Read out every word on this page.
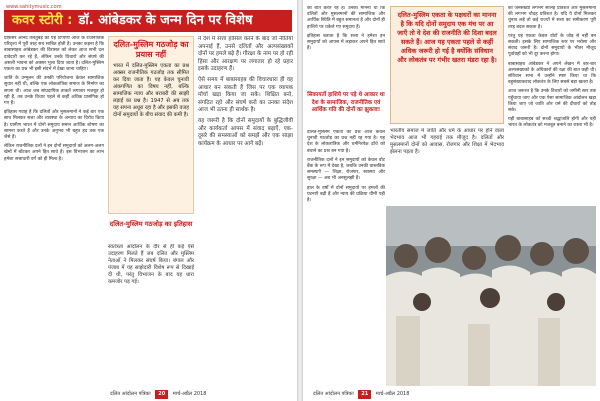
www.sahitymusic.com
कवर स्टोरी : डॉ. आंबेडकर के जन्म दिन पर विशेष

प्रोफ़ेसर आनंद तेलतुंबड़े की यह टिप्पणी आज के राजनीतिक परिदृश्य में पूरी तरह सच साबित होती है। उनका कहना है कि बाबासाहब आंबेडकर की विरासत को लेकर आज सभी दल दावेदारी कर रहे हैं, लेकिन उनके विचारों और संघर्ष की असली भावना को अक्सर भुला दिया जाता है। दलित-मुस्लिम एकता का प्रश्न भी इसी संदर्भ में देखा जाना चाहिए।

जाति के उन्मूलन की उनकी परियोजना केवल सामाजिक सुधार नहीं थी, बल्कि एक लोकतांत्रिक समाज के निर्माण का सपना थी। आज जब सांप्रदायिक ताकतें लगातार मजबूत हो रही हैं, तब उनके विचार पहले से कहीं अधिक प्रासंगिक हो गए हैं।

इतिहास गवाह है कि दलितों और मुसलमानों ने कई बार एक साथ मिलकर सत्ता और व्यवस्था के अन्याय का विरोध किया है। ग्रामीण भारत में दोनों समुदाय समान आर्थिक शोषण का सामना करते हैं और उनके अनुभव भी बहुत हद तक एक जैसे हैं।

लेकिन राजनीतिक दलों ने इन दोनों समुदायों को अलग-अलग खेमों में बाँटकर अपने हित साधे हैं। इस विभाजन का लाभ हमेशा सत्ताधारी वर्ग को ही मिला है।

दलित-मुस्लिम गठजोड़ का प्रयास नहीं
भारत में दलित-मुस्लिम एकता का प्रश्न अक्सर राजनीतिक गठजोड़ तक सीमित कर दिया जाता है। यह केवल चुनावी अंकगणित का विषय नहीं, बल्कि सामाजिक न्याय और बराबरी की साझी लड़ाई का प्रश्न है। 1947 से अब तक यह सपना अधूरा रहा है और इसकी वजह दोनों समुदायों के बीच संवाद की कमी है।
दलित-मुस्लिम गठजोड़ का इतिहास

स्वतंत्रता आंदोलन के दौर से ही कई ऐसे उदाहरण मिलते हैं जब दलित और मुस्लिम नेताओं ने मिलकर संघर्ष किया। बंगाल और पंजाब में यह साझेदारी विशेष रूप से दिखाई दी थी, परंतु विभाजन के बाद यह धारा कमजोर पड़ गई।

ने देश में सत्ता हासिल करने के बाद जो नीतियाँ अपनाई हैं, उनसे दलितों और अल्पसंख्यकों दोनों पर हमले बढ़े हैं। गौरक्षा के नाम पर हो रही हिंसा और आरक्षण पर लगातार हो रहे प्रहार इसके उदाहरण हैं।

ऐसे समय में बाबासाहब की विचारधारा ही वह आधार बन सकती है जिस पर एक व्यापक मोर्चा खड़ा किया जा सके। शिक्षित बनो, संगठित रहो और संघर्ष करो का उनका संदेश आज भी उतना ही सार्थक है।

यह जरूरी है कि दोनों समुदायों के बुद्धिजीवी और कार्यकर्ता आपस में संवाद बढ़ाएँ, एक-दूसरे की समस्याओं को समझें और एक साझा कार्यक्रम के आधार पर आगे बढ़ें।

दलित आंदोलन पत्रिका 20 मार्च-अप्रैल 2018

की बात करते रहे हैं। उनका मानना था कि दलितों और मुसलमानों की सामाजिक और आर्थिक स्थिति में बहुत समानता है और दोनों ही हाशिये पर धकेले गए समुदाय हैं।

इतिहास बताता है कि सत्ता ने हमेशा इन समुदायों को आपस में लड़ाकर अपने हित साधे हैं।

सिकायतों हाशिये पर पड़े थे आकार था देश के सामाजिक, राजनीतिक एवं आर्थिक गति की दोनों का झुकाव!

दलित-मुस्लिम एकता का प्रश्न आज केवल चुनावी गठजोड़ का प्रश्न नहीं रह गया है। यह देश के लोकतांत्रिक और धर्मनिरपेक्ष ढाँचे को बचाने का प्रश्न बन गया है।

राजनीतिक दलों ने इन समुदायों को केवल वोट बैंक के रूप में देखा है, जबकि उनकी वास्तविक समस्याएँ — शिक्षा, रोजगार, स्वास्थ्य और सुरक्षा — अब भी अनसुलझी हैं।

हाल के वर्षों में दोनों समुदायों पर हमलों की घटनाएँ बढ़ी हैं और न्याय की प्रक्रिया धीमी पड़ी है।

दलित-मुस्लिम एकता के पक्षधरों का मानना है कि यदि दोनों समुदाय एक मंच पर आ जाएँ तो वे देश की राजनीति की दिशा बदल सकते हैं। आज यह एकता पहले से कहीं अधिक जरूरी हो गई है क्योंकि संविधान और लोकतंत्र पर गंभीर खतरा मंडरा रहा है।

भारतीय समाज में जाति और धर्म के आधार पर होने वाला भेदभाव आज भी गहराई तक मौजूद है। दलितों और मुसलमानों दोनों को आवास, रोजगार और शिक्षा में भेदभाव झेलना पड़ता है।

की जनसंख्या लगभग सोलह प्रतिशत और मुसलमानों की लगभग चौदह प्रतिशत है। यदि ये दोनों मिलकर चुनाव लड़ें तो कई राज्यों में सत्ता का समीकरण पूरी तरह बदल सकता है।

परंतु यह एकता केवल वोटों के जोड़ से नहीं बन सकती। इसके लिए सामाजिक स्तर पर भरोसा और संवाद जरूरी है। दोनों समुदायों के भीतर मौजूद पूर्वाग्रहों को भी दूर करना होगा।

बाबासाहब आंबेडकर ने अपने लेखन में बार-बार अल्पसंख्यकों के अधिकारों की रक्षा की बात कही थी। संविधान सभा में उन्होंने स्पष्ट किया था कि बहुसंख्यकवाद लोकतंत्र के लिए सबसे बड़ा खतरा है।

आज जरूरत है कि उनके विचारों को जमीनी स्तर तक पहुँचाया जाए और एक ऐसा सामाजिक आंदोलन खड़ा किया जाए जो जाति और धर्म की दीवारों को तोड़ सके।

यही बाबासाहब को सच्ची श्रद्धांजलि होगी और यही भारत के लोकतंत्र को मजबूत बनाने का रास्ता भी है।

दलित आंदोलन पत्रिका 21 मार्च-अप्रैल 2018
